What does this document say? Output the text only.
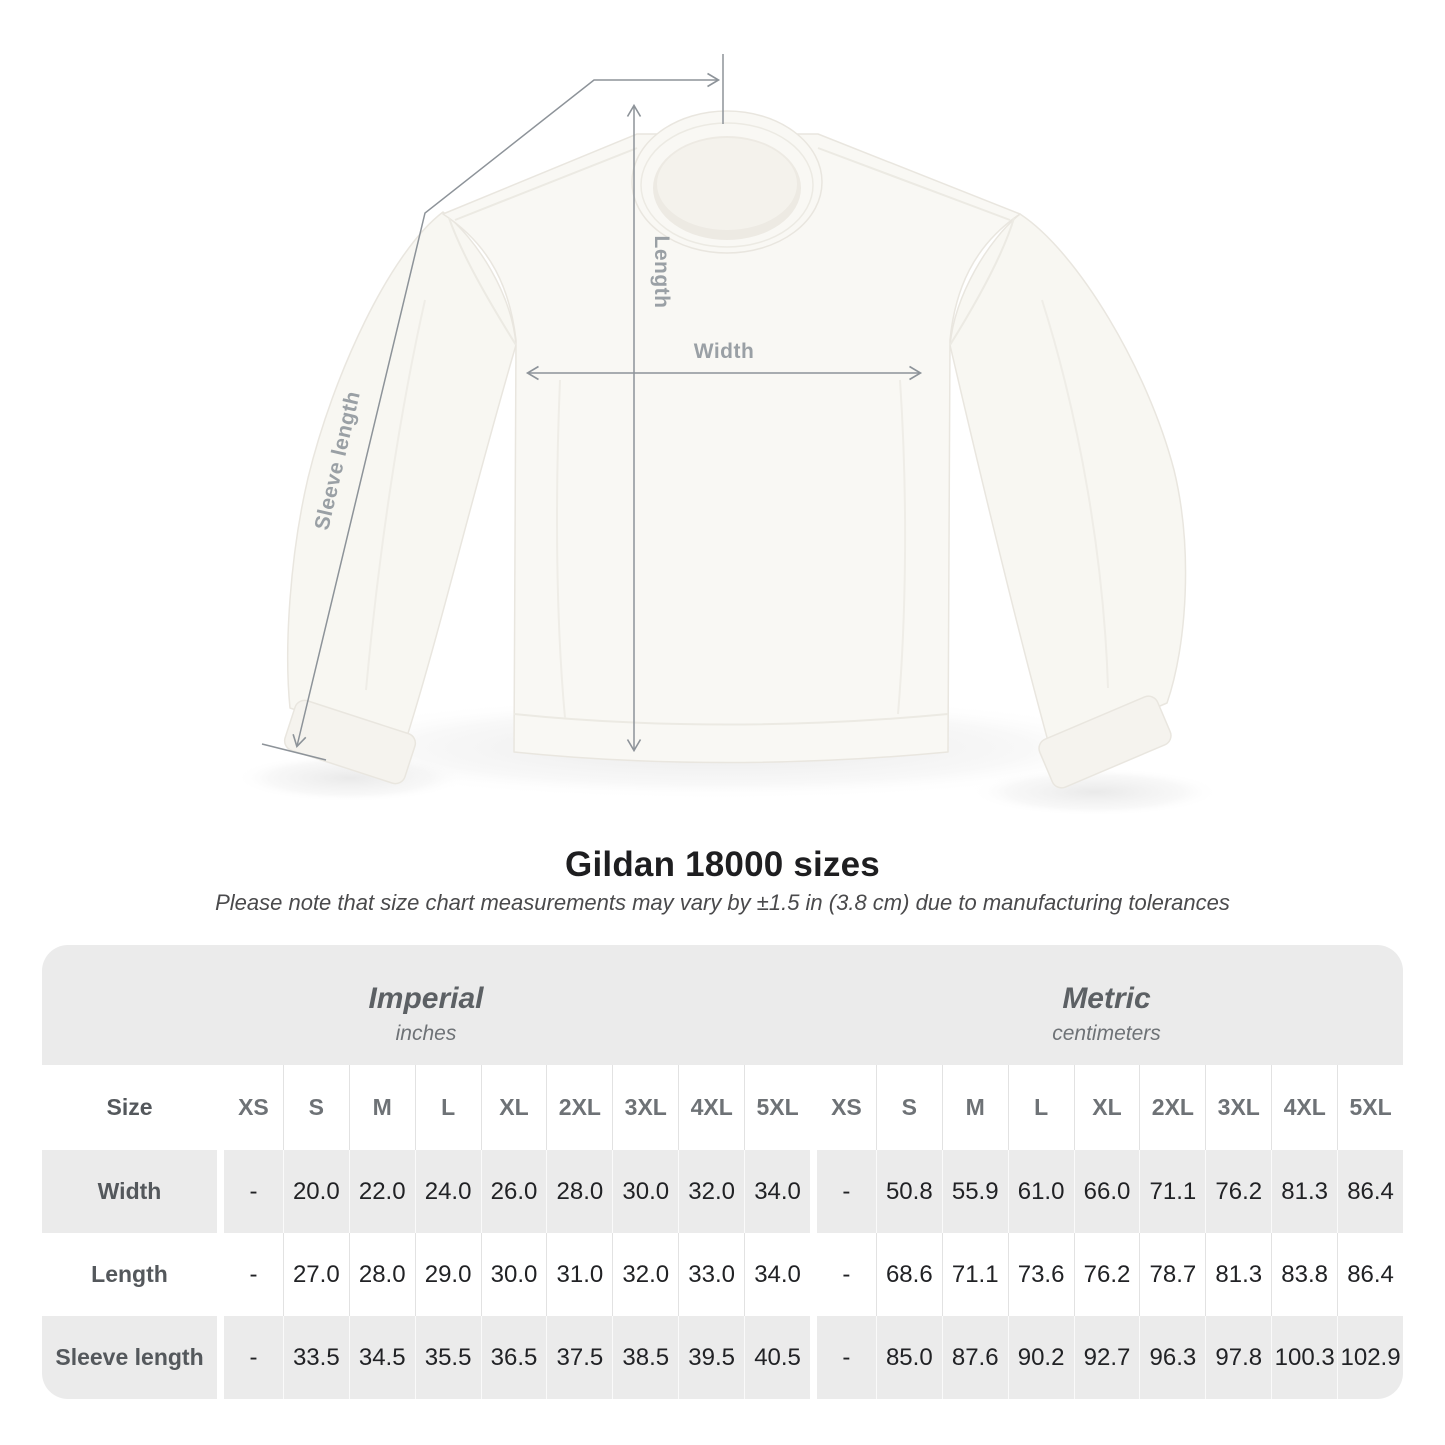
Length
Width
Sleeve length
Gildan 18000 sizes

Please note that size chart measurements may vary by ±1.5 in (3.8 cm) due to manufacturing tolerances

Imperial
inches
Metric
centimeters
Size	XS	S	M	L	XL	2XL	3XL	4XL	5XL	XS	S	M	L	XL	2XL	3XL	4XL	5XL
Width	-	20.0 22.0 24.0 26.0 28.0 30.0 32.0 34.0	-	50.8 55.9 61.0 66.0 71.1 76.2 81.3 86.4
Length	-	27.0 28.0 29.0 30.0 31.0 32.0 33.0 34.0	-	68.6 71.1 73.6 76.2 78.7 81.3 83.8 86.4
Sleeve length	-	33.5 34.5 35.5 36.5 37.5 38.5 39.5 40.5	-	85.0 87.6 90.2 92.7 96.3 97.8 100.3 102.9
